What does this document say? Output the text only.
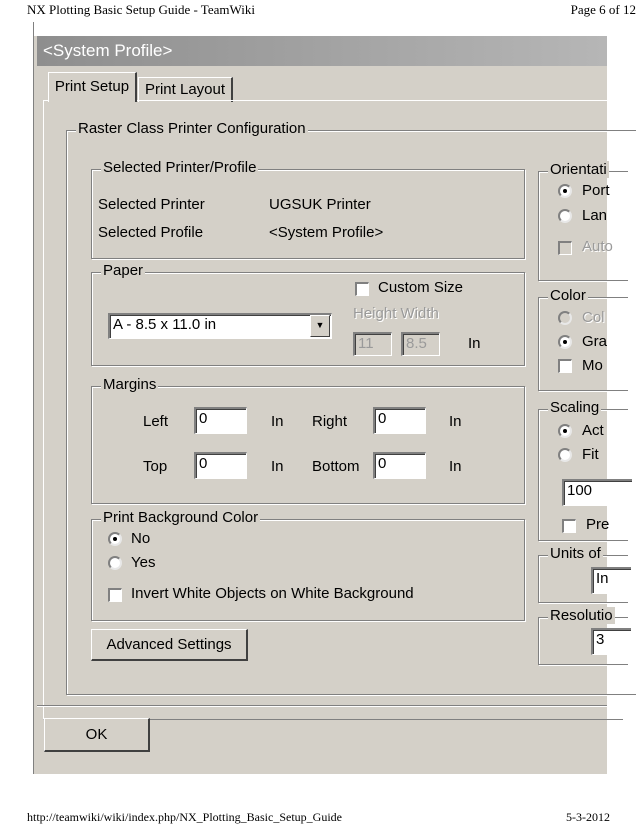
NX Plotting Basic Setup Guide - TeamWiki	Page 6 of 12
<System Profile>
Print Setup	Print Layout
Raster Class Printer Configuration
Selected Printer/Profile
Selected Printer	UGSUK Printer
Selected Profile	<System Profile>
Paper
A - 8.5 x 11.0 in	▼
Custom Size
Height Width
11	8.5	In
Margins
Left	0	In Right	0	In
Top	0	In Bottom	0	In
Print Background Color
No
Yes
Invert White Objects on White Background
Advanced Settings
Orientati
Port
Lan
Auto
Color
Col
Gra
Mo
Scaling
Act
Fit
100
Pre
Units of
In
Resolutio
3
OK
http://teamwiki/wiki/index.php/NX_Plotting_Basic_Setup_Guide	5-3-2012
